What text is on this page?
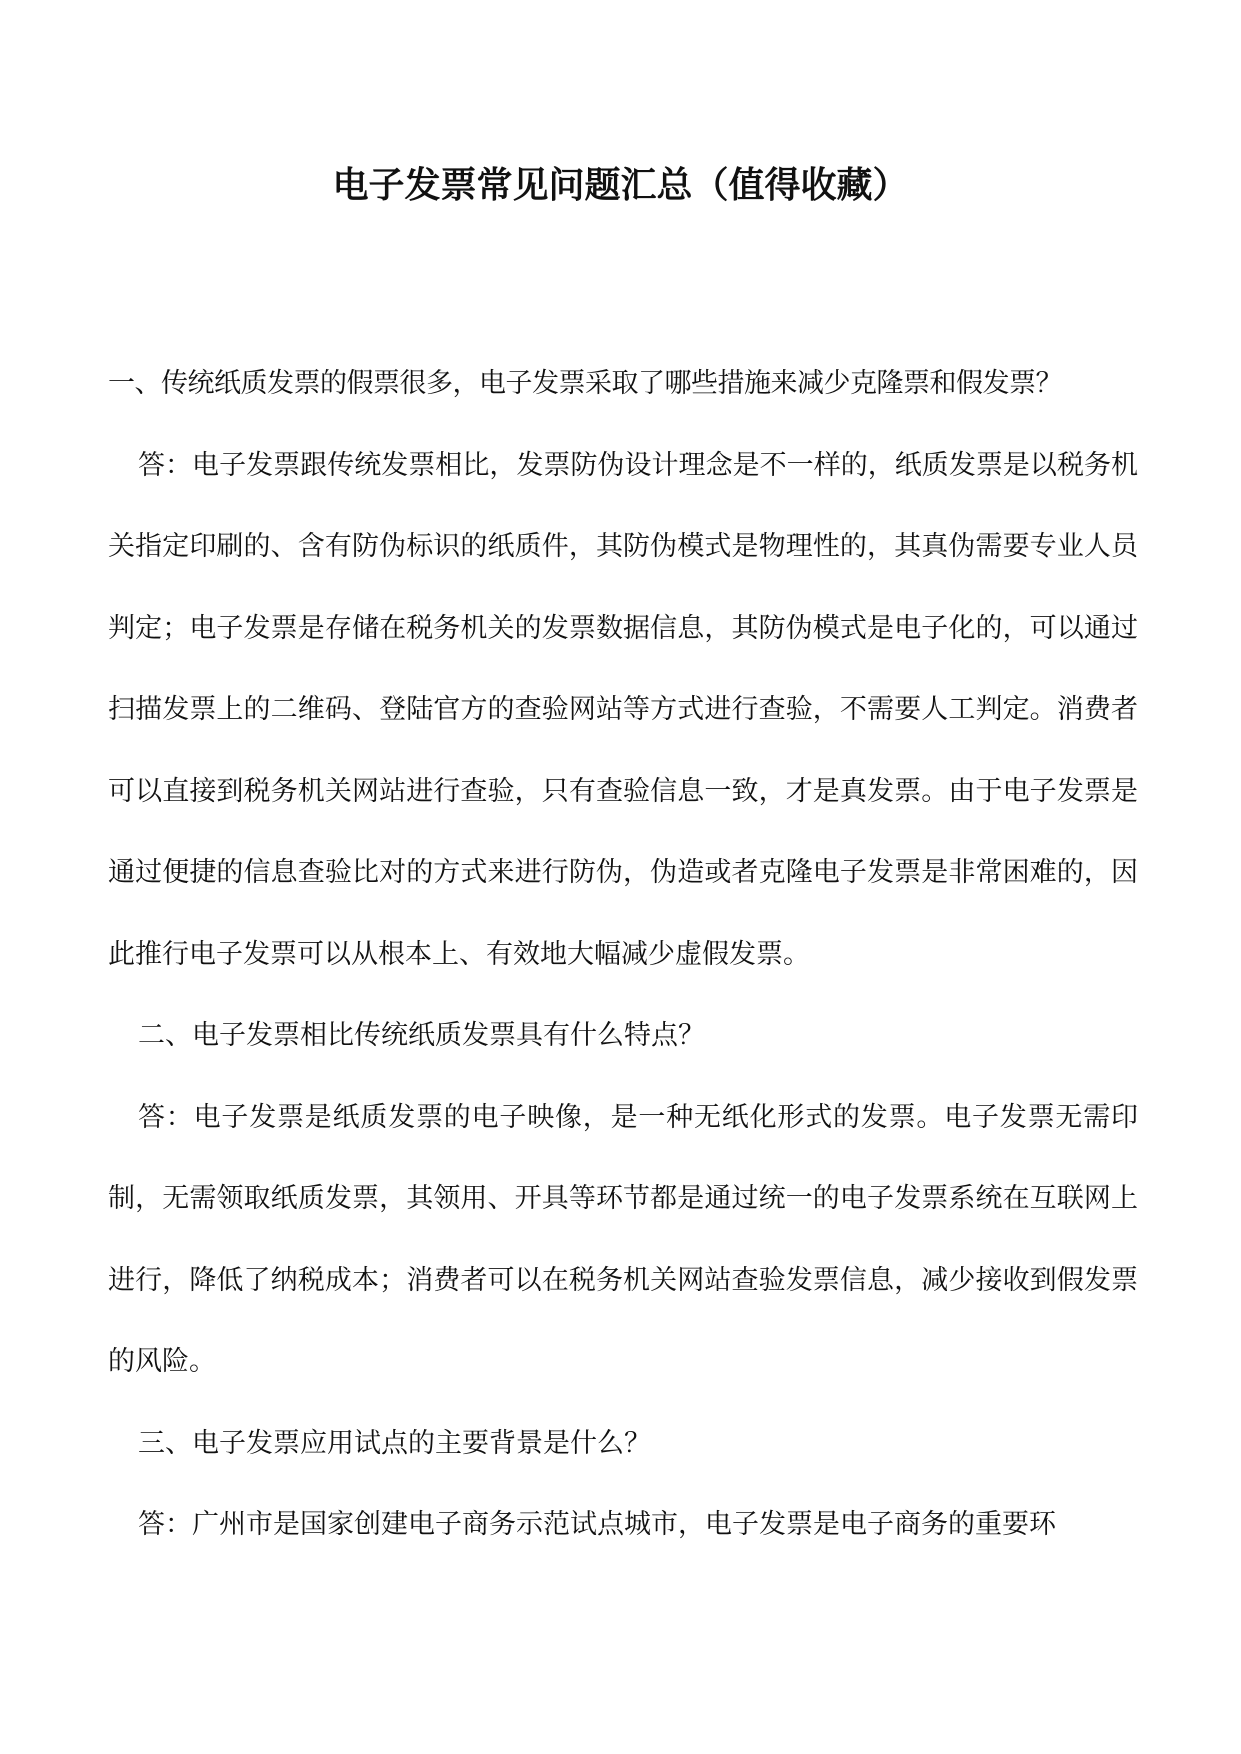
电子发票常见问题汇总（值得收藏）

一、传统纸质发票的假票很多，电子发票采取了哪些措施来减少克隆票和假发票？

答：电子发票跟传统发票相比，发票防伪设计理念是不一样的，纸质发票是以税务机关指定印刷的、含有防伪标识的纸质件，其防伪模式是物理性的，其真伪需要专业人员判定；电子发票是存储在税务机关的发票数据信息，其防伪模式是电子化的，可以通过扫描发票上的二维码、登陆官方的查验网站等方式进行查验，不需要人工判定。消费者可以直接到税务机关网站进行查验，只有查验信息一致，才是真发票。由于电子发票是通过便捷的信息查验比对的方式来进行防伪，伪造或者克隆电子发票是非常困难的，因此推行电子发票可以从根本上、有效地大幅减少虚假发票。

二、电子发票相比传统纸质发票具有什么特点？

答：电子发票是纸质发票的电子映像，是一种无纸化形式的发票。电子发票无需印制，无需领取纸质发票，其领用、开具等环节都是通过统一的电子发票系统在互联网上进行，降低了纳税成本；消费者可以在税务机关网站查验发票信息，减少接收到假发票的风险。

三、电子发票应用试点的主要背景是什么？

答：广州市是国家创建电子商务示范试点城市，电子发票是电子商务的重要环
